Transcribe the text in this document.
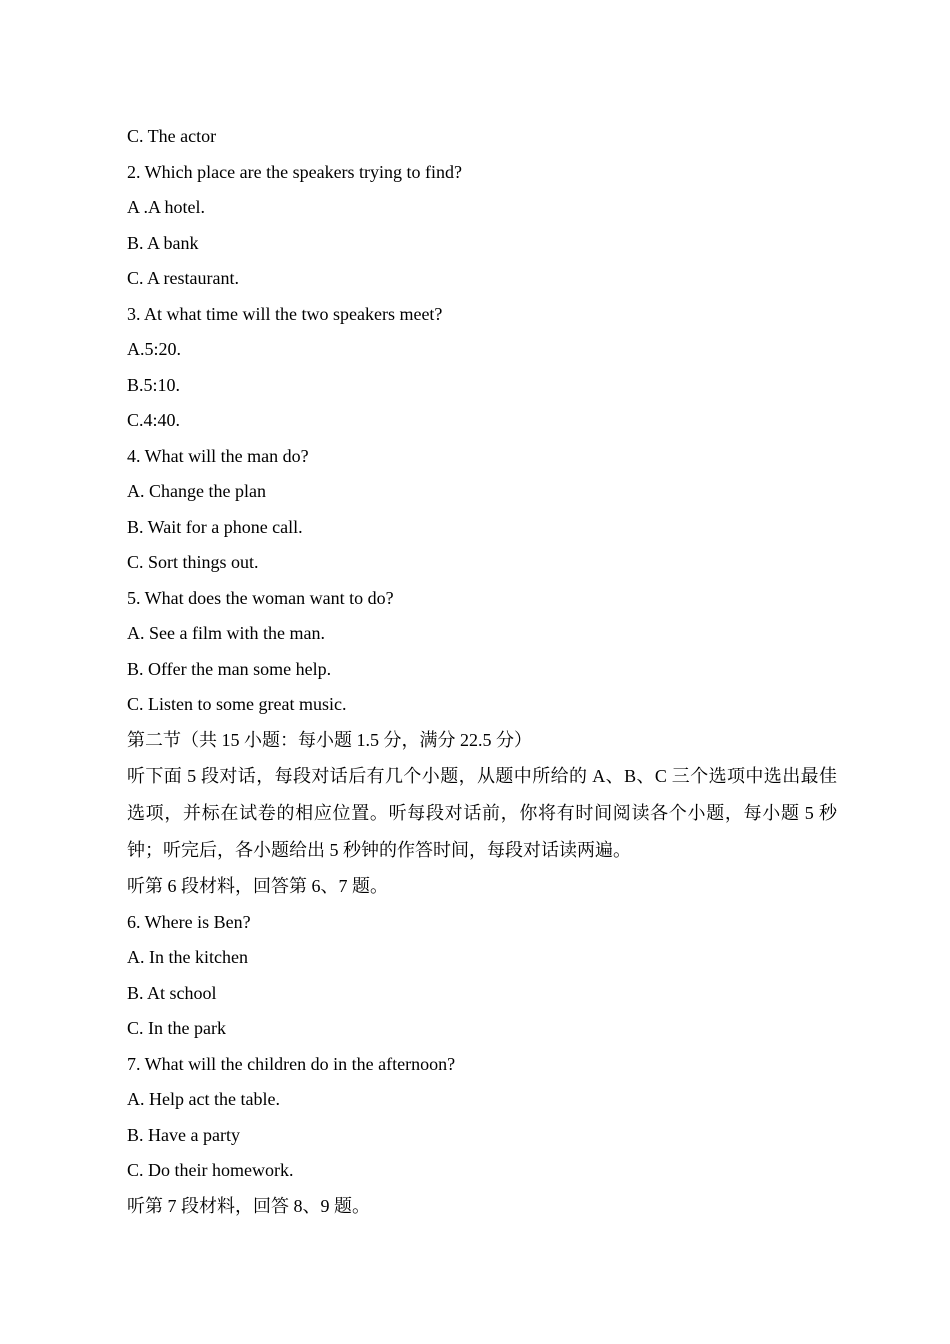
C. The actor
2. Which place are the speakers trying to find?
A .A hotel.
B. A bank
C. A restaurant.
3. At what time will the two speakers meet?
A.5:20.
B.5:10.
C.4:40.
4. What will the man do?
A. Change the plan
B. Wait for a phone call.
C. Sort things out.
5. What does the woman want to do?
A. See a film with the man.
B. Offer the man some help.
C. Listen to some great music.
第二节（共 15 小题：每小题 1.5 分，满分 22.5 分）
听下面 5 段对话，每段对话后有几个小题，从题中所给的 A、B、C 三个选项中选出最佳选项，并标在试卷的相应位置。听每段对话前，你将有时间阅读各个小题，每小题 5 秒钟；听完后，各小题给出 5 秒钟的作答时间，每段对话读两遍。
听第 6 段材料，回答第 6、7 题。
6. Where is Ben?
A. In the kitchen
B. At school
C. In the park
7. What will the children do in the afternoon?
A. Help act the table.
B. Have a party
C. Do their homework.
听第 7 段材料，回答 8、9 题。
